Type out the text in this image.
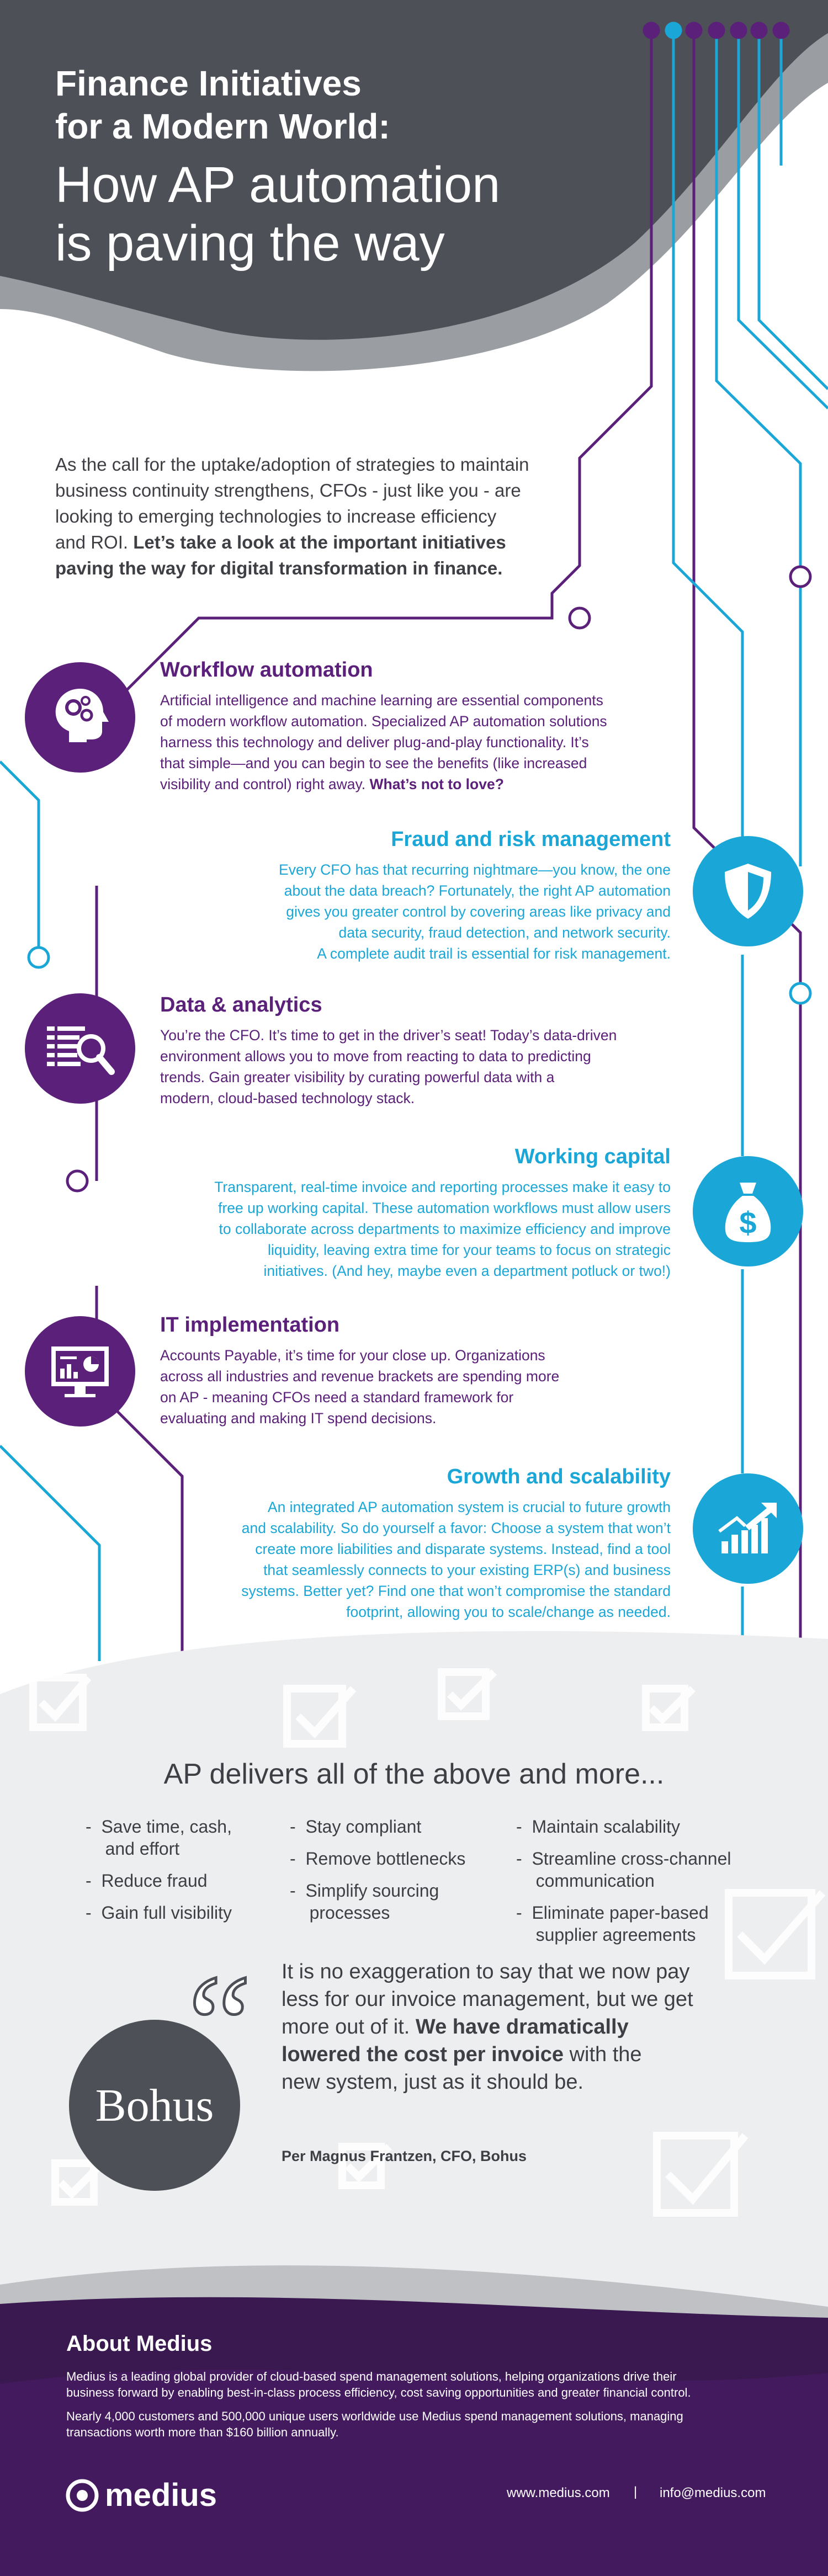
Finance Initiatives
for a Modern World:
How AP automation
is paving the way
As the call for the uptake/adoption of strategies to maintain
business continuity strengthens, CFOs - just like you - are
looking to emerging technologies to increase efficiency
and ROI. Let’s take a look at the important initiatives
paving the way for digital transformation in finance.
Workflow automation

Artificial intelligence and machine learning are essential components

of modern workflow automation. Specialized AP automation solutions

harness this technology and deliver plug-and-play functionality. It’s

that simple—and you can begin to see the benefits (like increased

visibility and control) right away. What’s not to love?

Fraud and risk management

Every CFO has that recurring nightmare—you know, the one

about the data breach? Fortunately, the right AP automation

gives you greater control by covering areas like privacy and

data security, fraud detection, and network security.

A complete audit trail is essential for risk management.

Data & analytics

You’re the CFO. It’s time to get in the driver’s seat! Today’s data-driven

environment allows you to move from reacting to data to predicting

trends. Gain greater visibility by curating powerful data with a

modern, cloud-based technology stack.

$
Working capital

Transparent, real-time invoice and reporting processes make it easy to

free up working capital. These automation workflows must allow users

to collaborate across departments to maximize efficiency and improve

liquidity, leaving extra time for your teams to focus on strategic

initiatives. (And hey, maybe even a department potluck or two!)

IT implementation

Accounts Payable, it’s time for your close up. Organizations

across all industries and revenue brackets are spending more

on AP - meaning CFOs need a standard framework for

evaluating and making IT spend decisions.

Growth and scalability

An integrated AP automation system is crucial to future growth

and scalability. So do yourself a favor: Choose a system that won’t

create more liabilities and disparate systems. Instead, find a tool

that seamlessly connects to your existing ERP(s) and business

systems. Better yet? Find one that won’t compromise the standard

footprint, allowing you to scale/change as needed.

AP delivers all of the above and more...
- Save time, cash,
and effort
- Reduce fraud
- Gain full visibility
- Stay compliant
- Remove bottlenecks
- Simplify sourcing
processes
- Maintain scalability
- Streamline cross-channel
communication
- Eliminate paper-based
supplier agreements
Bohus
“ It is no exaggeration to say that we now pay
less for our invoice management, but we get
more out of it. We have dramatically
lowered the cost per invoice with the
new system, just as it should be.
Per Magnus Frantzen, CFO, Bohus
About Medius

Medius is a leading global provider of cloud-based spend management solutions, helping organizations drive their

business forward by enabling best-in-class process efficiency, cost saving opportunities and greater financial control.

Nearly 4,000 customers and 500,000 unique users worldwide use Medius spend management solutions, managing

transactions worth more than $160 billion annually.

medius	www.medius.com | info@medius.com
